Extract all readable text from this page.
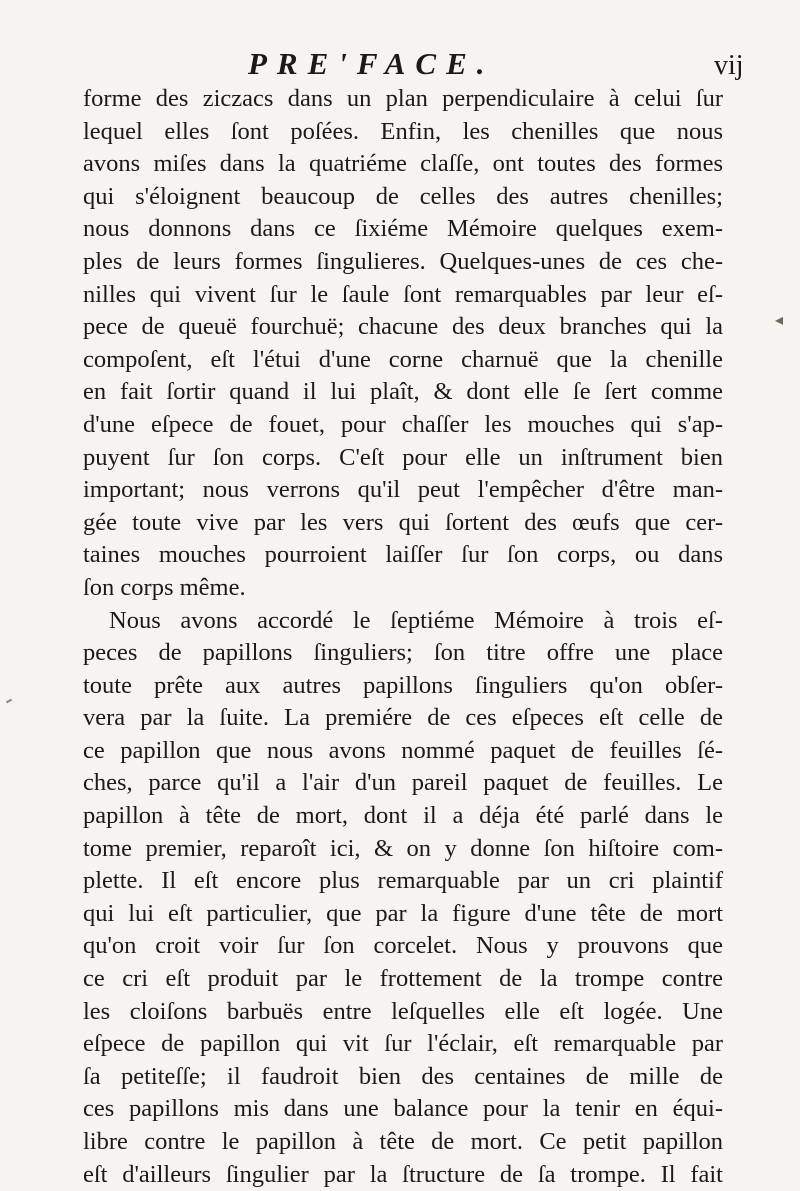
PRE'FACE.	vij
forme des ziczacs dans un plan perpendiculaire à celui ſur
lequel elles ſont poſées. Enfin, les chenilles que nous
avons miſes dans la quatriéme claſſe, ont toutes des formes
qui s'éloignent beaucoup de celles des autres chenilles;
nous donnons dans ce ſixiéme Mémoire quelques exem-
ples de leurs formes ſingulieres. Quelques-unes de ces che-
nilles qui vivent ſur le ſaule ſont remarquables par leur eſ-
pece de queuë fourchuë; chacune des deux branches qui la
compoſent, eſt l'étui d'une corne charnuë que la chenille
en fait ſortir quand il lui plaît, & dont elle ſe ſert comme
d'une eſpece de fouet, pour chaſſer les mouches qui s'ap-
puyent ſur ſon corps. C'eſt pour elle un inſtrument bien
important; nous verrons qu'il peut l'empêcher d'être man-
gée toute vive par les vers qui ſortent des œufs que cer-
taines mouches pourroient laiſſer ſur ſon corps, ou dans
ſon corps même.
Nous avons accordé le ſeptiéme Mémoire à trois eſ-
peces de papillons ſinguliers; ſon titre offre une place
toute prête aux autres papillons ſinguliers qu'on obſer-
vera par la ſuite. La premiére de ces eſpeces eſt celle de
ce papillon que nous avons nommé paquet de feuilles ſé-
ches, parce qu'il a l'air d'un pareil paquet de feuilles. Le
papillon à tête de mort, dont il a déja été parlé dans le
tome premier, reparoît ici, & on y donne ſon hiſtoire com-
plette. Il eſt encore plus remarquable par un cri plaintif
qui lui eſt particulier, que par la figure d'une tête de mort
qu'on croit voir ſur ſon corcelet. Nous y prouvons que
ce cri eſt produit par le frottement de la trompe contre
les cloiſons barbuës entre leſquelles elle eſt logée. Une
eſpece de papillon qui vit ſur l'éclair, eſt remarquable par
ſa petiteſſe; il faudroit bien des centaines de mille de
ces papillons mis dans une balance pour la tenir en équi-
libre contre le papillon à tête de mort. Ce petit papillon
eſt d'ailleurs ſingulier par la ſtructure de ſa trompe. Il fait
◂
